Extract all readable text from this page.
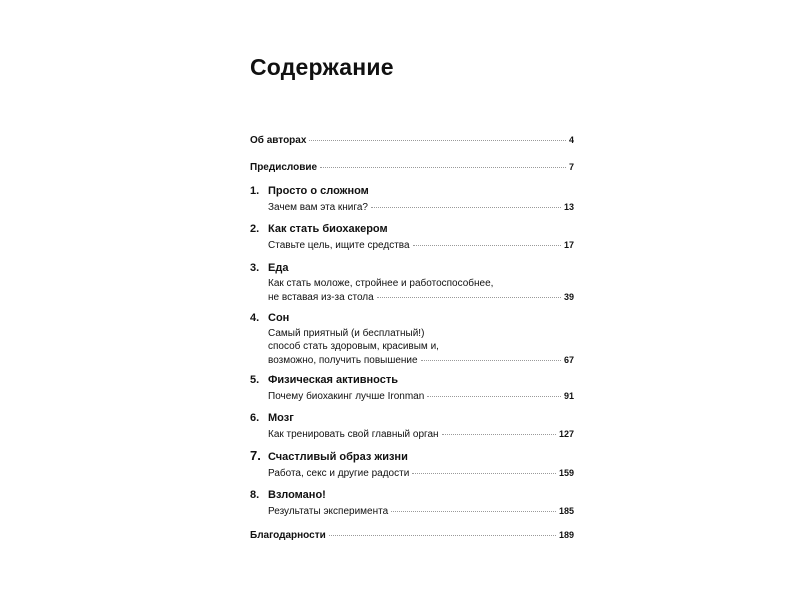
Содержание
Об авторах	4
Предисловие	7
1. Просто о сложном
Зачем вам эта книга?	13
2. Как стать биохакером
Ставьте цель, ищите средства	17
3. Еда
Как стать моложе, стройнее и работоспособнее,
не вставая из-за стола	39
4. Сон
Самый приятный (и бесплатный!)
способ стать здоровым, красивым и,
возможно, получить повышение	67
5. Физическая активность
Почему биохакинг лучше Ironman	91
6. Мозг
Как тренировать свой главный орган	127
7. Счастливый образ жизни
Работа, секс и другие радости	159
8. Взломано!
Результаты эксперимента	185
Благодарности	189
